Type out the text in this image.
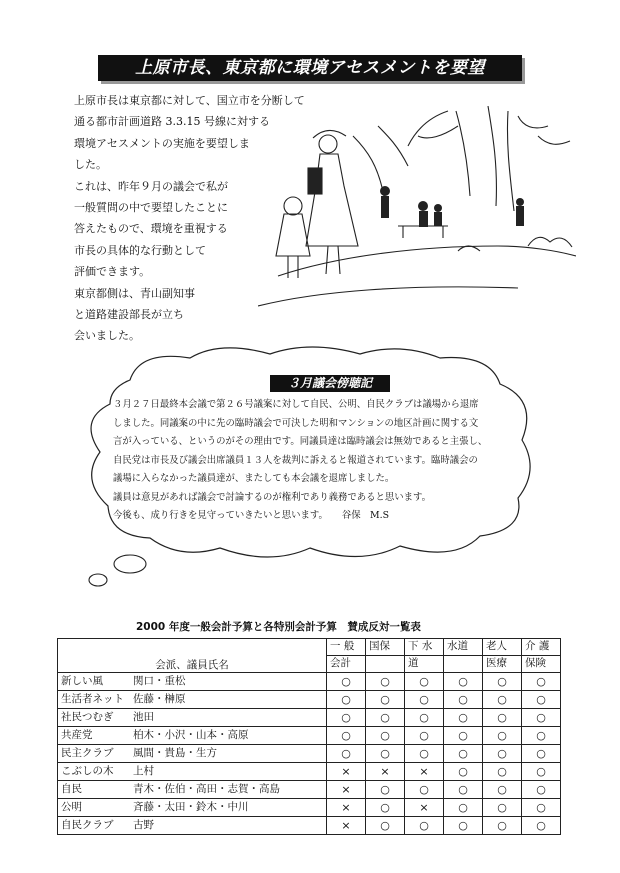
上原市長、東京都に環境アセスメントを要望
上原市長は東京都に対して、国立市を分断して
通る都市計画道路 3.3.15 号線に対する
環境アセスメントの実施を要望しま
した。
これは、昨年９月の議会で私が
一般質問の中で要望したことに
答えたもので、環境を重視する
市長の具体的な行動として
評価できます。
東京都側は、青山副知事
と道路建設部長が立ち
会いました。
３月議会傍聴記
３月２７日最終本会議で第２６号議案に対して自民、公明、自民クラブは議場から退席
しました。同議案の中に先の臨時議会で可決した明和マンションの地区計画に関する文
言が入っている、というのがその理由です。同議員達は臨時議会は無効であると主張し、
自民党は市長及び議会出席議員１３人を裁判に訴えると報道されています。臨時議会の
議場に入らなかった議員達が、またしても本会議を退席しました。
議員は意見があれば議会で討論するのが権利であり義務であると思います。
今後も、成り行きを見守っていきたいと思います。　　谷保　M.S
2000 年度一般会計予算と各特別会計予算　賛成反対一覧表
会派、議員氏名		一 般	国保	下 水	水道	老人	介 護
		会計		道		医療	保険
新しい風	関口・重松	○	○	○	○	○	○
生活者ネット	佐藤・榊原	○	○	○	○	○	○
社民つむぎ	池田	○	○	○	○	○	○
共産党	柏木・小沢・山本・高原	○	○	○	○	○	○
民主クラブ	風間・貴島・生方	○	○	○	○	○	○
こぶしの木	上村	×	×	×	○	○	○
自民	青木・佐伯・高田・志賀・高島	×	○	○	○	○	○
公明	斉藤・太田・鈴木・中川	×	○	×	○	○	○
自民クラブ	古野	×	○	○	○	○	○
